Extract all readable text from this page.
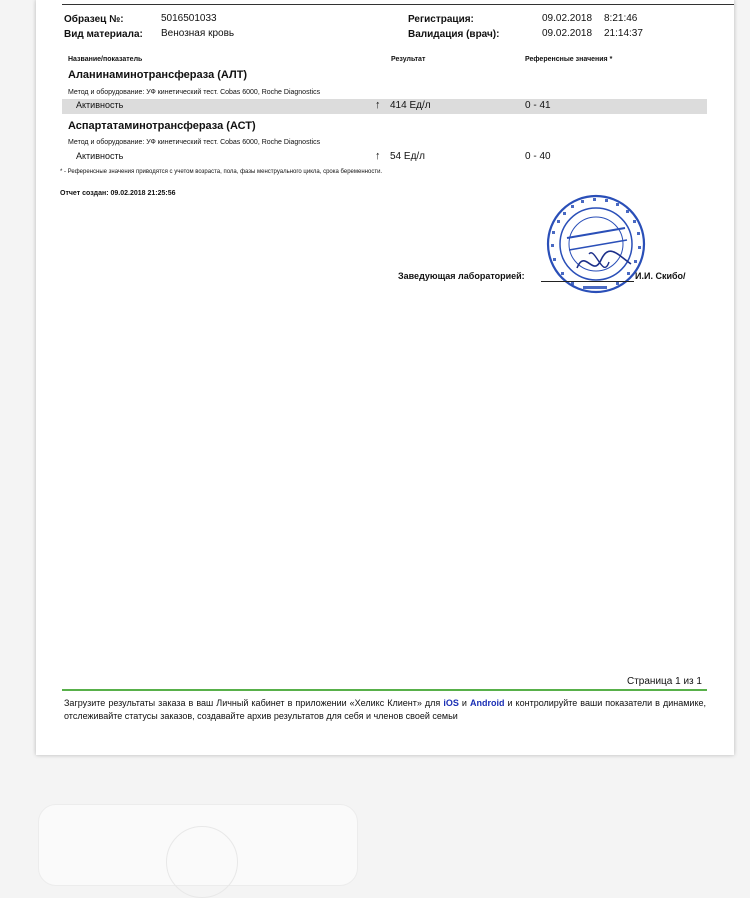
Образец №:	5016501033
Вид материала: Венозная кровь
Регистрация:	09.02.2018 8:21:46
Валидация (врач):	09.02.2018 21:14:37
Название/показатель	Результат	Референсные значения *
Аланинаминотрансфераза (АЛТ)
Метод и оборудование: УФ кинетический тест. Cobas 6000, Roche Diagnostics
Активность	↑ 414 Ед/л	0 - 41
Аспартатаминотрансфераза (АСТ)
Метод и оборудование: УФ кинетический тест. Cobas 6000, Roche Diagnostics
Активность	↑ 54 Ед/л	0 - 40
* - Референсные значения приводятся с учетом возраста, пола, фазы менструального цикла, срока беременности.
Отчет создан: 09.02.2018 21:25:56
Заведующая лабораторией:	И.И. Скибо/
Страница 1 из 1
Загрузите результаты заказа в ваш Личный кабинет в приложении «Хеликс Клиент» для iOS и Android и контролируйте ваши показатели в динамике, отслеживайте статусы заказов, создавайте архив результатов для себя и членов своей семьи
